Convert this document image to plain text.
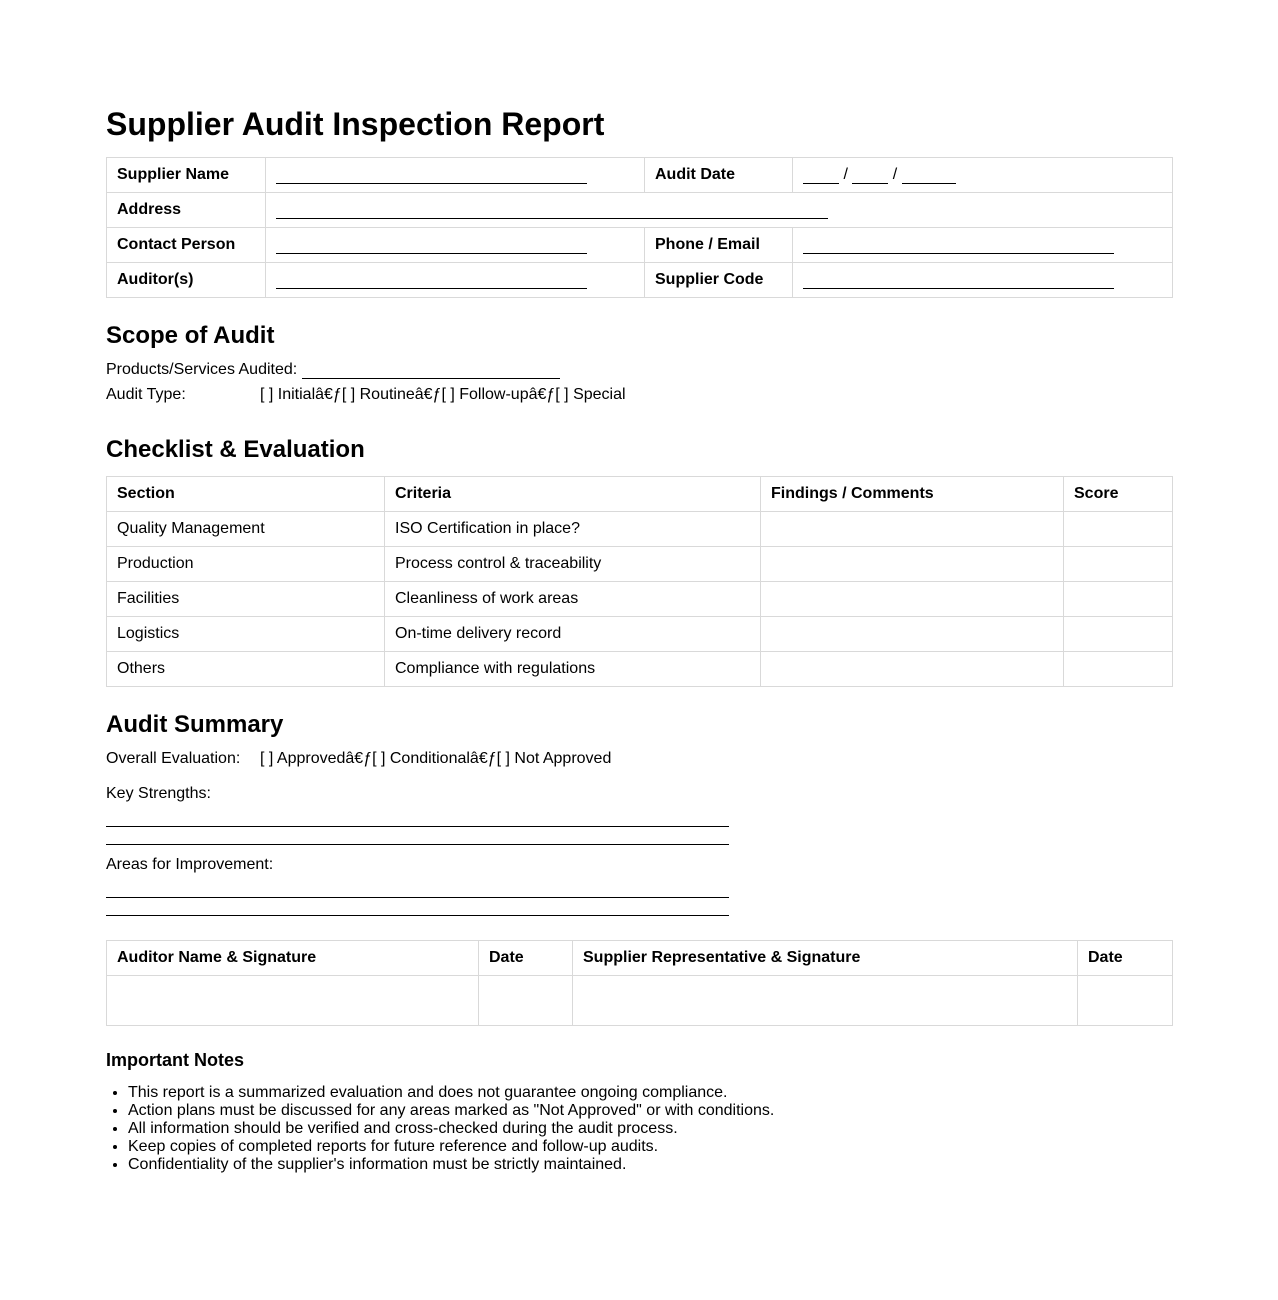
Supplier Audit Inspection Report
Supplier Name		Audit Date	/  /
Address			
Contact Person		Phone / Email	
Auditor(s)		Supplier Code	
Scope of Audit
Products/Services Audited:
Audit Type:	[ ] Initialâ€ƒ[ ] Routineâ€ƒ[ ] Follow-upâ€ƒ[ ] Special
Checklist & Evaluation
Section	Criteria	Findings / Comments	Score
Quality Management	ISO Certification in place?		
Production	Process control & traceability		
Facilities	Cleanliness of work areas		
Logistics	On-time delivery record		
Others	Compliance with regulations		
Audit Summary
Overall Evaluation: [ ] Approvedâ€ƒ[ ] Conditionalâ€ƒ[ ] Not Approved
Key Strengths:
Areas for Improvement:
Auditor Name & Signature	Date	Supplier Representative & Signature	Date

Important Notes
• This report is a summarized evaluation and does not guarantee ongoing compliance.
• Action plans must be discussed for any areas marked as "Not Approved" or with conditions.
• All information should be verified and cross-checked during the audit process.
• Keep copies of completed reports for future reference and follow-up audits.
• Confidentiality of the supplier's information must be strictly maintained.
